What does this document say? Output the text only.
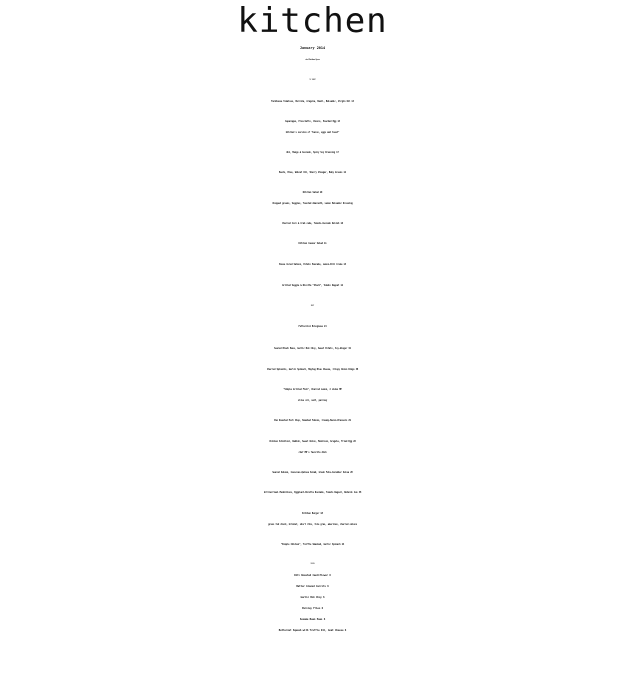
kitchen
January 2014
chef Matthew Byrne
TO START
Farmhouse Tomatoes, Burrata, Arugula, Basil, Balsamic, Virgin Oil 13
Asparagus, Prosciutto, Chevre, Poached Egg 13
kitchen's version of "bacon, eggs and toast"
Ahi, Mango & Avocado, Spicy Soy Dressing 17
Beets, Blue, Walnut Oil, Sherry Vinegar, Baby Greens 12
Kitchen Salad 10
Chopped greens, Veggies, Toasted Amaranth, Lemon Balsamic Dressing
Charred Corn & Crab cake, Tomato-Avocado Relish 16
Kitchen Caesar Salad 11
House Cured Salmon, Potato Pancake, Lemon-Dill Creme 13
Grilled Veggie & Ricotta "Stack", Tomato Ragout 12
NEXT
Fettuccini Bolognese 24
Seared Black Bass, Garlic Bok Choy, Sweet Potato, Soy-Ginger 32
Charred Spinalis, Garlic Spinach, Maytag Blue Cheese, Crispy Onion Rings 38
"Simple Grilled Fish", Charred Lemon, 2 sides MP
olive oil, salt, parsley
Pan Roasted Pork Chop, Smashed Yukons, Creamy-Bacon-Brussels 29
Chicken Schnitzel, Radish, Sweet Onion, Mushroom, Arugula, Fried Egg 26
chef MB's favorite dish
Seared Salmon, Couscous-Quinoa Salad, Greek Feta-Cucumber Salsa 28
Grilled Veal Medallions, Eggplant-Ricotta Roulade, Tomato Ragout, Natural Jus 38
Kitchen Burger 18
grass fed chuck, brisket, short ribs, foie gras, american, charred onions
"Simple Chicken", Truffle Smashed, Garlic Spinach 24
SIDES
Dill Roasted Cauliflower 6
Butter Glazed Carrots 6
Garlic Bok Choy 6
Parsley Fries 6
Sesame Bean Peas 6
Butternut Squash with Truffle Oil, Goat Cheese 6
